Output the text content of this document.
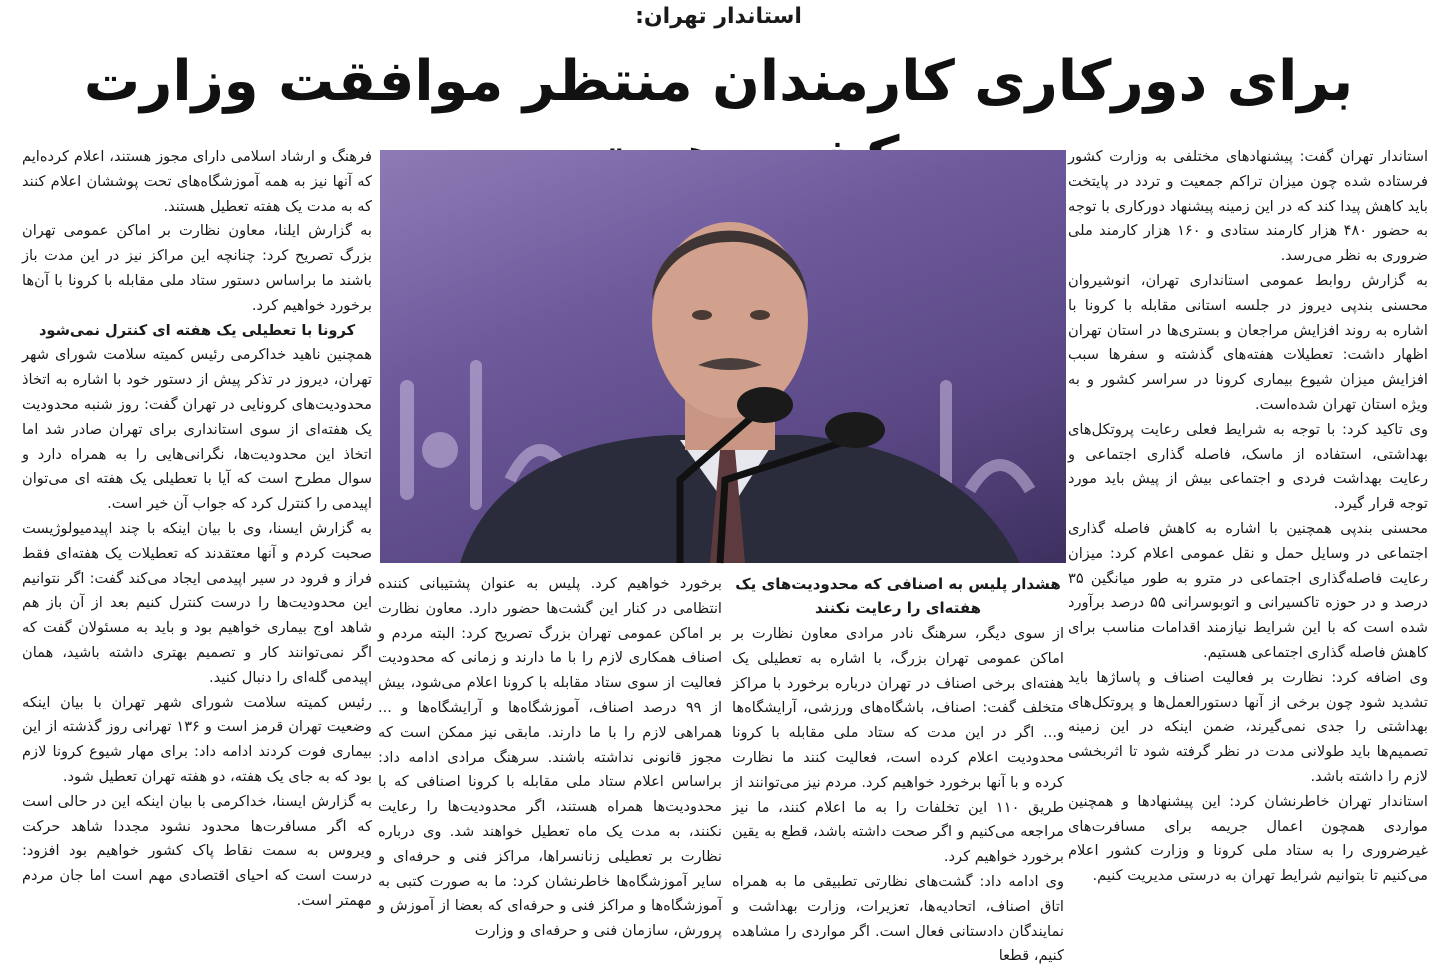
استاندار تهران:
برای دورکاری کارمندان منتظر موافقت وزارت

استاندار تهران گفت: پیشنهادهای مختلفی به وزارت کشور فرستاده شده چون میزان تراکم جمعیت و تردد در پایتخت باید کاهش پیدا کند که در این زمینه پیشنهاد دورکاری با توجه به حضور ۴۸۰ هزار کارمند ستادی و ۱۶۰ هزار کارمند ملی ضروری به نظر می‌رسد.

به گزارش روابط عمومی استانداری تهران، انوشیروان محسنی بندپی دیروز در جلسه استانی مقابله با کرونا با اشاره به روند افزایش مراجعان و بستری‌ها در استان تهران اظهار داشت: تعطیلات هفته‌های گذشته و سفرها سبب افزایش میزان شیوع بیماری کرونا در سراسر کشور و به ویژه استان تهران شده‌است.

وی تاکید کرد: با توجه به شرایط فعلی رعایت پروتکل‌های بهداشتی، استفاده از ماسک، فاصله گذاری اجتماعی و رعایت بهداشت فردی و اجتماعی بیش از پیش باید مورد توجه قرار گیرد.

محسنی بندپی همچنین با اشاره به کاهش فاصله گذاری اجتماعی در وسایل حمل و نقل عمومی اعلام کرد: میزان رعایت فاصله‌گذاری اجتماعی در مترو به طور میانگین ۳۵ درصد و در حوزه تاکسیرانی و اتوبوسرانی ۵۵ درصد برآورد شده است که با این شرایط نیازمند اقدامات مناسب برای کاهش فاصله گذاری اجتماعی هستیم.

وی اضافه کرد: نظارت بر فعالیت اصناف و پاساژها باید تشدید شود چون برخی از آنها دستورالعمل‌ها و پروتکل‌های بهداشتی را جدی نمی‌گیرند، ضمن اینکه در این زمینه تصمیم‌ها باید طولانی مدت در نظر گرفته شود تا اثربخشی لازم را داشته باشد.

استاندار تهران خاطرنشان کرد: این پیشنهادها و همچنین مواردی همچون اعمال جریمه برای مسافرت‌های غیرضروری را به ستاد ملی کرونا و وزارت کشور اعلام می‌کنیم تا بتوانیم شرایط تهران به درستی مدیریت کنیم.

هشدار پلیس به اصنافی که محدودیت‌های یک هفته‌ای را رعایت نکنند

از سوی دیگر، سرهنگ نادر مرادی معاون نظارت بر اماکن عمومی تهران بزرگ، با اشاره به تعطیلی یک هفته‌ای برخی اصناف در تهران درباره برخورد با مراکز متخلف گفت: اصناف، باشگاه‌های ورزشی، آرایشگاه‌ها و... اگر در این مدت که ستاد ملی مقابله با کرونا محدودیت اعلام کرده است، فعالیت کنند ما نظارت کرده و با آنها برخورد خواهیم کرد. مردم نیز می‌توانند از طریق ۱۱۰ این تخلفات را به ما اعلام کنند، ما نیز مراجعه می‌کنیم و اگر صحت داشته باشد، قطع به یقین برخورد خواهیم کرد.

وی ادامه داد: گشت‌های نظارتی تطبیقی ما به همراه اتاق اصناف، اتحادیه‌ها، تعزیرات، وزارت بهداشت و نمایندگان دادستانی فعال است. اگر مواردی را مشاهده کنیم، قطعا

برخورد خواهیم کرد. پلیس به عنوان پشتیبانی کننده انتظامی در کنار این گشت‌ها حضور دارد. معاون نظارت بر اماکن عمومی تهران بزرگ تصریح کرد: البته مردم و اصناف همکاری لازم را با ما دارند و زمانی که محدودیت فعالیت از سوی ستاد مقابله با کرونا اعلام می‌شود، بیش از ۹۹ درصد اصناف، آموزشگاه‌ها و آرایشگاه‌ها و ... همراهی لازم را با ما دارند. مابقی نیز ممکن است که مجوز قانونی نداشته باشند. سرهنگ مرادی ادامه داد: براساس اعلام ستاد ملی مقابله با کرونا اصنافی که با محدودیت‌ها همراه هستند، اگر محدودیت‌ها را رعایت نکنند، به مدت یک ماه تعطیل خواهند شد. وی درباره نظارت بر تعطیلی زنانسراها، مراکز فنی و حرفه‌ای و سایر آموزشگاه‌ها خاطرنشان کرد: ما به صورت کتبی به آموزشگاه‌ها و مراکز فنی و حرفه‌ای که بعضا از آموزش و پرورش، سازمان فنی و حرفه‌ای و وزارت

فرهنگ و ارشاد اسلامی دارای مجوز هستند، اعلام کرده‌ایم که آنها نیز به همه آموزشگاه‌های تحت پوششان اعلام کنند که به مدت یک هفته تعطیل هستند.

به گزارش ایلنا، معاون نظارت بر اماکن عمومی تهران بزرگ تصریح کرد: چنانچه این مراکز نیز در این مدت باز باشند ما براساس دستور ستاد ملی مقابله با کرونا با آن‌ها برخورد خواهیم کرد.

کرونا با تعطیلی یک هفته ای کنترل نمی‌شود

همچنین ناهید خداکرمی رئیس کمیته سلامت شورای شهر تهران، دیروز در تذکر پیش از دستور خود با اشاره به اتخاذ محدودیت‌های کرونایی در تهران گفت: روز شنبه محدودیت یک هفته‌ای از سوی استانداری برای تهران صادر شد اما اتخاذ این محدودیت‌ها، نگرانی‌هایی را به همراه دارد و سوال مطرح است که آیا با تعطیلی یک هفته ای می‌توان اپیدمی را کنترل کرد که جواب آن خیر است.

به گزارش ایسنا، وی با بیان اینکه با چند اپیدمیولوژیست صحبت کردم و آنها معتقدند که تعطیلات یک هفته‌ای فقط فراز و فرود در سیر اپیدمی ایجاد می‌کند گفت: اگر نتوانیم این محدودیت‌ها را درست کنترل کنیم بعد از آن باز هم شاهد اوج بیماری خواهیم بود و باید به مسئولان گفت که اگر نمی‌توانند کار و تصمیم بهتری داشته باشید، همان اپیدمی گله‌ای را دنبال کنید.

رئیس کمیته سلامت شورای شهر تهران با بیان اینکه وضعیت تهران قرمز است و ۱۳۶ تهرانی روز گذشته از این بیماری فوت کردند ادامه داد: برای مهار شیوع کرونا لازم بود که به جای یک هفته، دو هفته تهران تعطیل شود.

به گزارش ایسنا، خداکرمی با بیان اینکه این در حالی است که اگر مسافرت‌ها محدود نشود مجددا شاهد حرکت ویروس به سمت نقاط پاک کشور خواهیم بود افزود: درست است که احیای اقتصادی مهم است اما جان مردم مهمتر است.
